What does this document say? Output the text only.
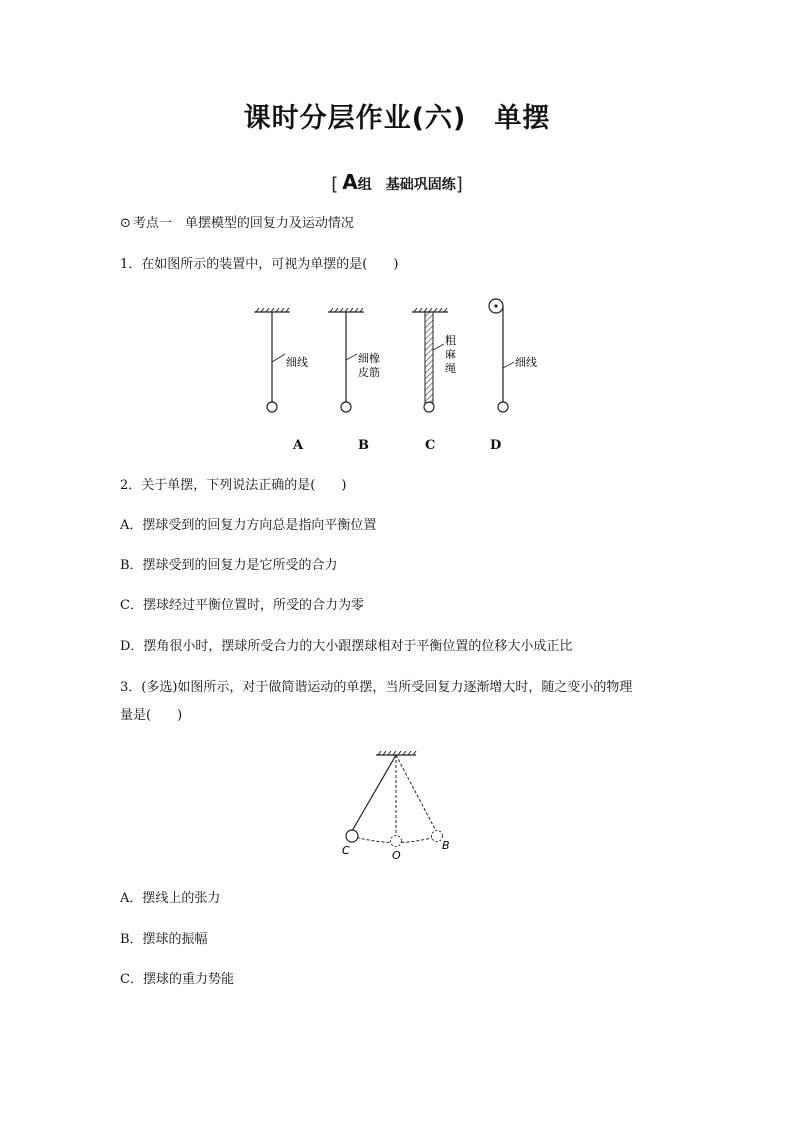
课时分层作业(六)　单摆
[ A组 基础巩固练]
⊙ 考点一　单摆模型的回复力及运动情况
1．在如图所示的装置中，可视为单摆的是(　　)
细线	细橡
皮筋
粗
麻
绳	细线
A	B	C	D
2．关于单摆，下列说法正确的是(　　)
A．摆球受到的回复力方向总是指向平衡位置
B．摆球受到的回复力是它所受的合力
C．摆球经过平衡位置时，所受的合力为零
D．摆角很小时，摆球所受合力的大小跟摆球相对于平衡位置的位移大小成正比
3．(多选)如图所示，对于做简谐运动的单摆，当所受回复力逐渐增大时，随之变小的物理
量是(　　)
C	O
B
A．摆线上的张力
B．摆球的振幅
C．摆球的重力势能
